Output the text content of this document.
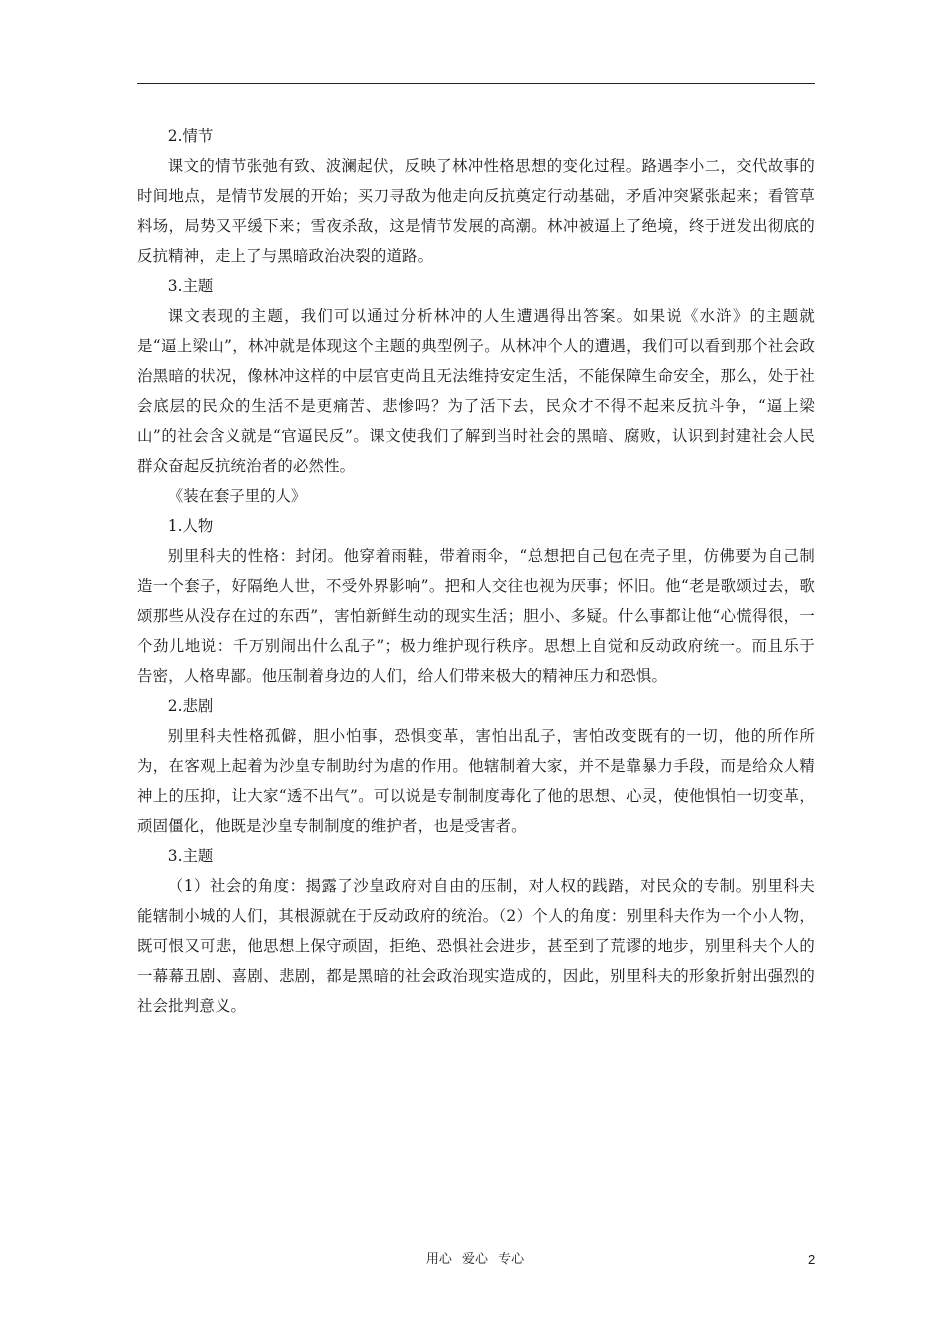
2.情节

课文的情节张弛有致、波澜起伏，反映了林冲性格思想的变化过程。路遇李小二，交代故事的时间地点，是情节发展的开始；买刀寻敌为他走向反抗奠定行动基础，矛盾冲突紧张起来；看管草料场，局势又平缓下来；雪夜杀敌，这是情节发展的高潮。林冲被逼上了绝境，终于迸发出彻底的反抗精神，走上了与黑暗政治决裂的道路。

3.主题

课文表现的主题，我们可以通过分析林冲的人生遭遇得出答案。如果说《水浒》的主题就是“逼上梁山”，林冲就是体现这个主题的典型例子。从林冲个人的遭遇，我们可以看到那个社会政治黑暗的状况，像林冲这样的中层官吏尚且无法维持安定生活，不能保障生命安全，那么，处于社会底层的民众的生活不是更痛苦、悲惨吗？为了活下去，民众才不得不起来反抗斗争，“逼上梁山”的社会含义就是“官逼民反”。课文使我们了解到当时社会的黑暗、腐败，认识到封建社会人民群众奋起反抗统治者的必然性。

《装在套子里的人》

1.人物

别里科夫的性格：封闭。他穿着雨鞋，带着雨伞，“总想把自己包在壳子里，仿佛要为自己制造一个套子，好隔绝人世，不受外界影响”。把和人交往也视为厌事；怀旧。他“老是歌颂过去，歌颂那些从没存在过的东西”，害怕新鲜生动的现实生活；胆小、多疑。什么事都让他“心慌得很，一个劲儿地说：千万别闹出什么乱子”；极力维护现行秩序。思想上自觉和反动政府统一。而且乐于告密，人格卑鄙。他压制着身边的人们，给人们带来极大的精神压力和恐惧。

2.悲剧

别里科夫性格孤僻，胆小怕事，恐惧变革，害怕出乱子，害怕改变既有的一切，他的所作所为，在客观上起着为沙皇专制助纣为虐的作用。他辖制着大家，并不是靠暴力手段，而是给众人精神上的压抑，让大家“透不出气”。可以说是专制制度毒化了他的思想、心灵，使他惧怕一切变革，顽固僵化，他既是沙皇专制制度的维护者，也是受害者。

3.主题

（1）社会的角度：揭露了沙皇政府对自由的压制，对人权的践踏，对民众的专制。别里科夫能辖制小城的人们，其根源就在于反动政府的统治。（2）个人的角度：别里科夫作为一个小人物，既可恨又可悲，他思想上保守顽固，拒绝、恐惧社会进步，甚至到了荒谬的地步，别里科夫个人的一幕幕丑剧、喜剧、悲剧，都是黑暗的社会政治现实造成的，因此，别里科夫的形象折射出强烈的社会批判意义。

用心 爱心 专心	2
